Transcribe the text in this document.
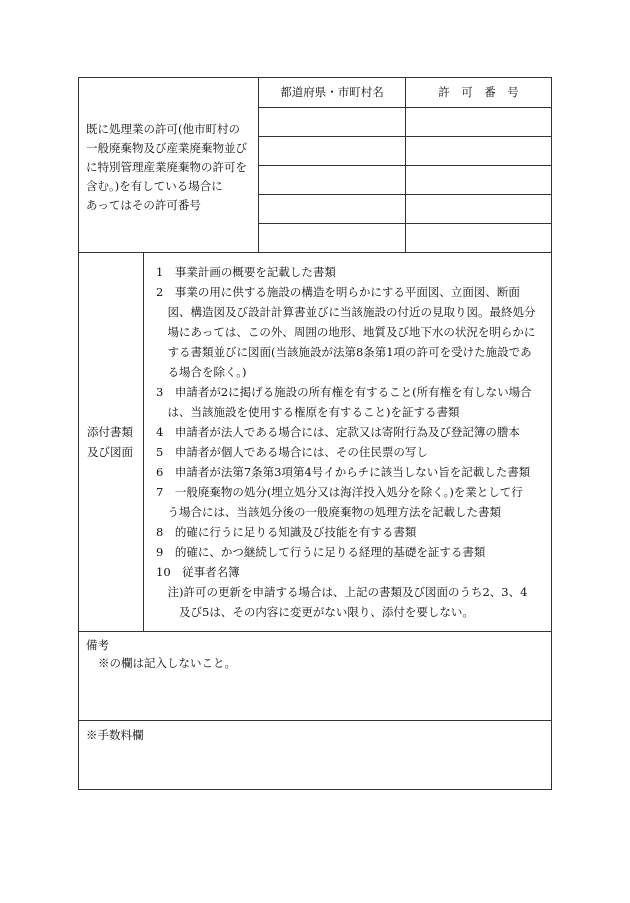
都道府県・市町村名	許　可　番　号
既に処理業の許可(他市町村の
一般廃棄物及び産業廃棄物並び
に特別管理産業廃棄物の許可を
含む。)を有している場合に
あってはその許可番号
添付書類
及び図面
1　事業計画の概要を記載した書類
2　事業の用に供する施設の構造を明らかにする平面図、立面図、断面
　図、構造図及び設計計算書並びに当該施設の付近の見取り図。最終処分
　場にあっては、この外、周囲の地形、地質及び地下水の状況を明らかに
　する書類並びに図面(当該施設が法第8条第1項の許可を受けた施設であ
　る場合を除く。)
3　申請者が2に掲げる施設の所有権を有すること(所有権を有しない場合
　は、当該施設を使用する権原を有すること)を証する書類
4　申請者が法人である場合には、定款又は寄附行為及び登記簿の謄本
5　申請者が個人である場合には、その住民票の写し
6　申請者が法第7条第3項第4号イからチに該当しない旨を記載した書類
7　一般廃棄物の処分(埋立処分又は海洋投入処分を除く。)を業として行
　う場合には、当該処分後の一般廃棄物の処理方法を記載した書類
8　的確に行うに足りる知識及び技能を有する書類
9　的確に、かつ継続して行うに足りる経理的基礎を証する書類
10　従事者名簿
　注)許可の更新を申請する場合は、上記の書類及び図面のうち2、3、4
　　及び5は、その内容に変更がない限り、添付を要しない。
備考
※の欄は記入しないこと。
※手数料欄
